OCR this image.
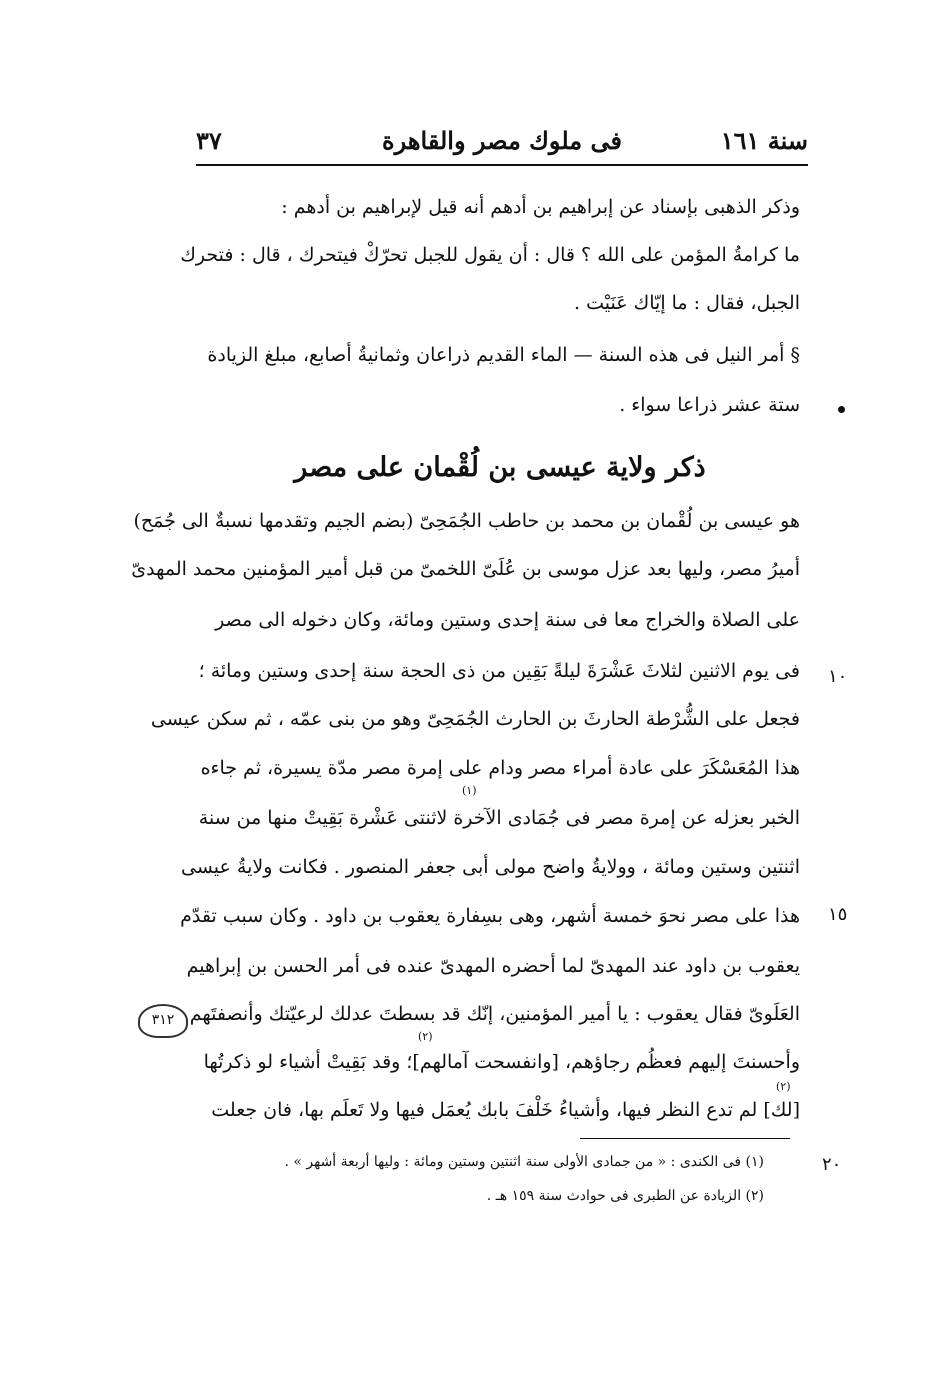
سنة ١٦١
فى ملوك مصر والقاهرة
٣٧
وذكر الذهبى بإسناد عن إبراهيم بن أدهم أنه قيل لإبراهيم بن أدهم :
ما كرامةُ المؤمن على الله ؟ قال : أن يقول للجبل تحرّكْ فيتحرك ، قال : فتحرك
الجبل، فقال : ما إيّاك عَنَيْت .
§ أمر النيل فى هذه السنة — الماء القديم ذراعان وثمانيةُ أصابع، مبلغ الزيادة
ستة عشر ذراعا سواء .
ذكر ولاية عيسى بن لُقْمان على مصر
هو عيسى بن لُقْمان بن محمد بن حاطب الجُمَحِىّ (بضم الجيم وتقدمها نسبةٌ الى جُمَح)
أميرُ مصر، وليها بعد عزل موسى بن عُلَىّ اللخمىّ من قبل أمير المؤمنين محمد المهدىّ
على الصلاة والخراج معا فى سنة إحدى وستين ومائة، وكان دخوله الى مصر
فى يوم الاثنين لثلاثَ عَشْرَةَ ليلةً بَقِين من ذى الحجة سنة إحدى وستين ومائة ؛
فجعل على الشُّرْطة الحارثَ بن الحارث الجُمَحِىّ وهو من بنى عمّه ، ثم سكن عيسى
هذا المُعَسْكَرَ على عادة أمراء مصر ودام على إمرة مصر مدّة يسيرة، ثم جاءه
الخبر بعزله عن إمرة مصر فى جُمَادى الآخرة لاثنتى عَشْرة بَقِيتْ منها من سنة
اثنتين وستين ومائة ، وولايةُ واضح مولى أبى جعفر المنصور . فكانت ولايةُ عيسى
هذا على مصر نحوَ خمسة أشهر، وهى بسِفارة يعقوب بن داود . وكان سبب تقدّم
يعقوب بن داود عند المهدىّ لما أحضره المهدىّ عنده فى أمر الحسن بن إبراهيم
العَلَوىّ فقال يعقوب : يا أمير المؤمنين، إنّك قد بسطتَ عدلك لرعيّتك وأنصفتَهم
وأحسنتَ إليهم فعظُم رجاؤهم، [وانفسحت آمالهم]؛ وقد بَقِيتْ أشياء لو ذكرتُها
[لك] لم تدع النظر فيها، وأشياءُ خَلْفَ بابك يُعمَل فيها ولا تَعلَم بها، فان جعلت
١٠
١٥
٢٠
٣١٢
(١)
(٢)
(٢)
(١) فى الكندى : « من جمادى الأولى سنة اثنتين وستين ومائة : وليها أربعة أشهر » .
(٢) الزيادة عن الطبرى فى حوادث سنة ١٥٩ هـ .
